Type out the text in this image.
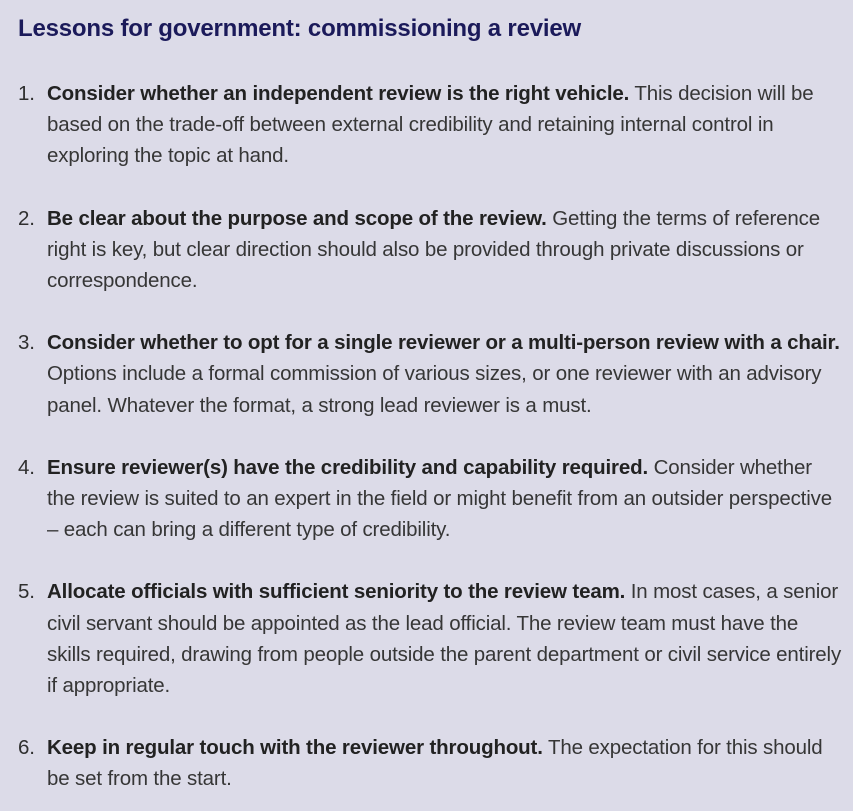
Lessons for government: commissioning a review
1. Consider whether an independent review is the right vehicle. This decision will be based on the trade-off between external credibility and retaining internal control in exploring the topic at hand.
2. Be clear about the purpose and scope of the review. Getting the terms of reference right is key, but clear direction should also be provided through private discussions or correspondence.
3. Consider whether to opt for a single reviewer or a multi-person review with a chair. Options include a formal commission of various sizes, or one reviewer with an advisory panel. Whatever the format, a strong lead reviewer is a must.
4. Ensure reviewer(s) have the credibility and capability required. Consider whether the review is suited to an expert in the field or might benefit from an outsider perspective – each can bring a different type of credibility.
5. Allocate officials with sufficient seniority to the review team. In most cases, a senior civil servant should be appointed as the lead official. The review team must have the skills required, drawing from people outside the parent department or civil service entirely if appropriate.
6. Keep in regular touch with the reviewer throughout. The expectation for this should be set from the start.
